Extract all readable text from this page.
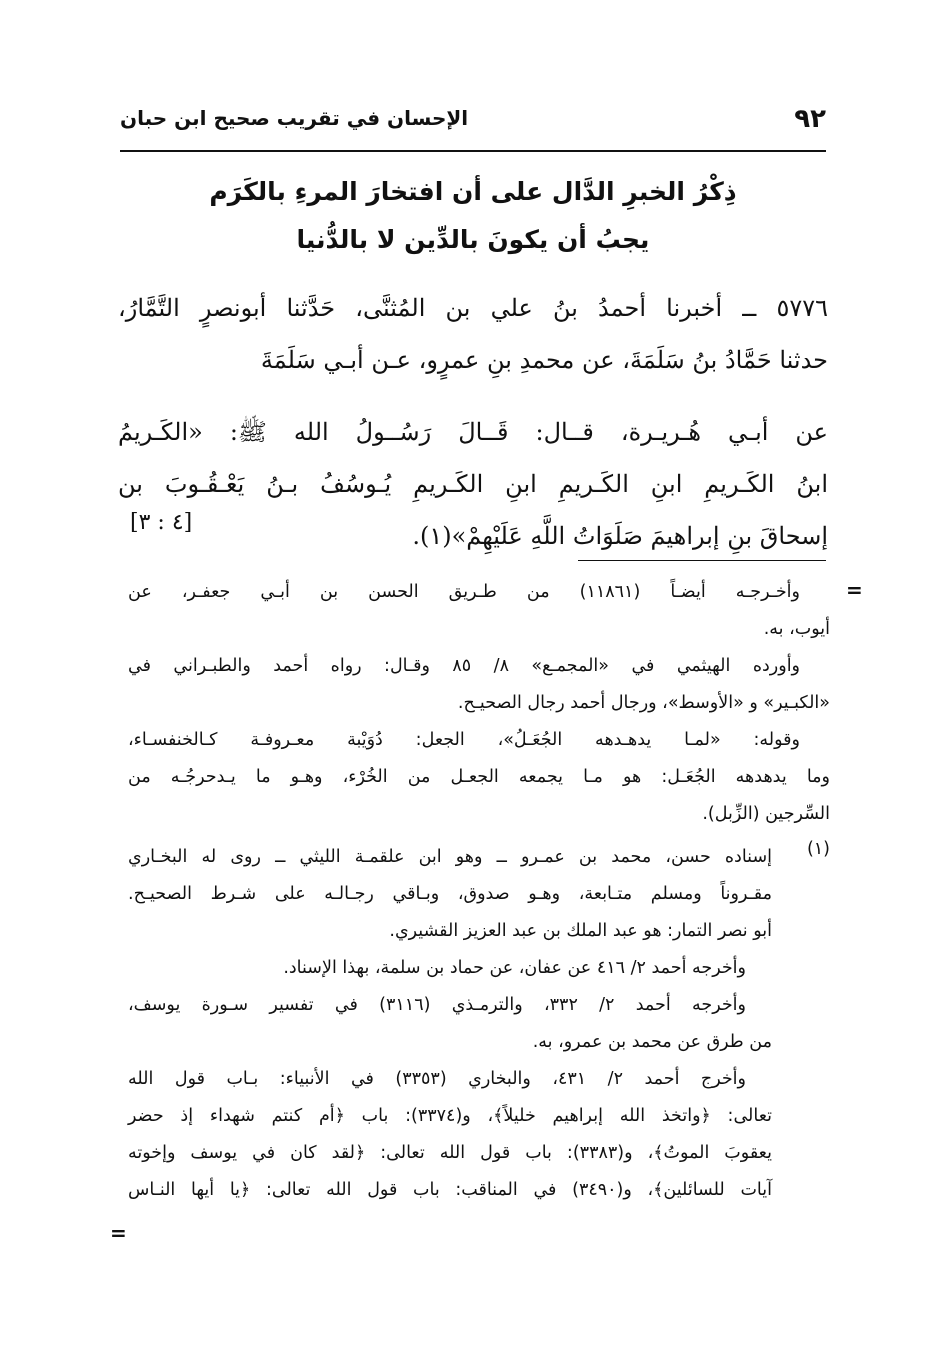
٩٢
الإحسان في تقريب صحيح ابن حبان
ذِكْرُ الخبرِ الدَّال على أن افتخارَ المرءِ بالكَرَم
يجبُ أن يكونَ بالدِّين لا بالدُّنيا
٥٧٧٦ ــ أخبرنا أحمدُ بنُ علي بن المُثنَّى، حَدَّثنا أبونصرٍ التَّمَّارُ،
حدثنا حَمَّادُ بنُ سَلَمَةَ، عن محمدِ بنِ عمرٍو، عـن أبـي سَلَمَةَ
عن أبـي هُـريـرة، قــال: قَــالَ رَسُــولُ الله ﷺ: «الكَـريمُ
ابنُ الكَـريمِ ابنِ الكَـريمِ ابنِ الكَـريمِ يُـوسُفُ بـنُ يَعْـقُـوبَ بن
إسحاقَ بنِ إبراهيمَ صَلَوَاتُ اللَّهِ عَلَيْهِمْ»(١).
[٤ : ٣]
=
وأخـرجـه أيضـاً (١١٨٦١) من طـريق الحسن بن أبـي جعفـر، عن
أيوب، به.
وأورده الهيثمي في «المجمـع» ٨/ ٨٥ وقـال: رواه أحمد والطبـراني في
«الكبـير» و «الأوسط»، ورجال أحمد رجال الصحيـح.
وقوله: «لمـا يدهـدهه الجُعَـلُ»، الجعل: دُوَيْبة معـروفـة كـالخنفسـاء،
وما يدهدهه الجُعَـل: هو مـا يجمعه الجعـل من الخُرْء، وهـو ما يـدحرجُـه من
السِّرجين (الزِّبل).
(١)
إسناده حسن، محمد بن عمـرو ــ وهو ابن علقمـة الليثي ــ روى له البخـاري
مقـروناً ومسلم متـابعة، وهـو صدوق، وبـاقي رجـالـه على شـرط الصحيـح.
أبو نصر التمار: هو عبد الملك بن عبد العزيز القشيري.
وأخرجه أحمد ٢/ ٤١٦ عن عفان، عن حماد بن سلمة، بهذا الإسناد.
وأخرجه أحمد ٢/ ٣٣٢، والترمـذي (٣١١٦) في تفسير سـورة يوسف،
من طرق عن محمد بن عمرو، به.
وأخرج أحمد ٢/ ٤٣١، والبخاري (٣٣٥٣) في الأنبياء: بـاب قول الله
تعالى: ﴿واتخذ الله إبراهيم خليلاً﴾، و(٣٣٧٤): باب ﴿أم كنتم شهداء إذ حضر
يعقوبَ الموتُ﴾، و(٣٣٨٣): باب قول الله تعالى: ﴿لقد كان في يوسف وإخوته
آيات للسائلين﴾، و(٣٤٩٠) في المناقب: باب قول الله تعالى: ﴿يا أيها النـاس
=
